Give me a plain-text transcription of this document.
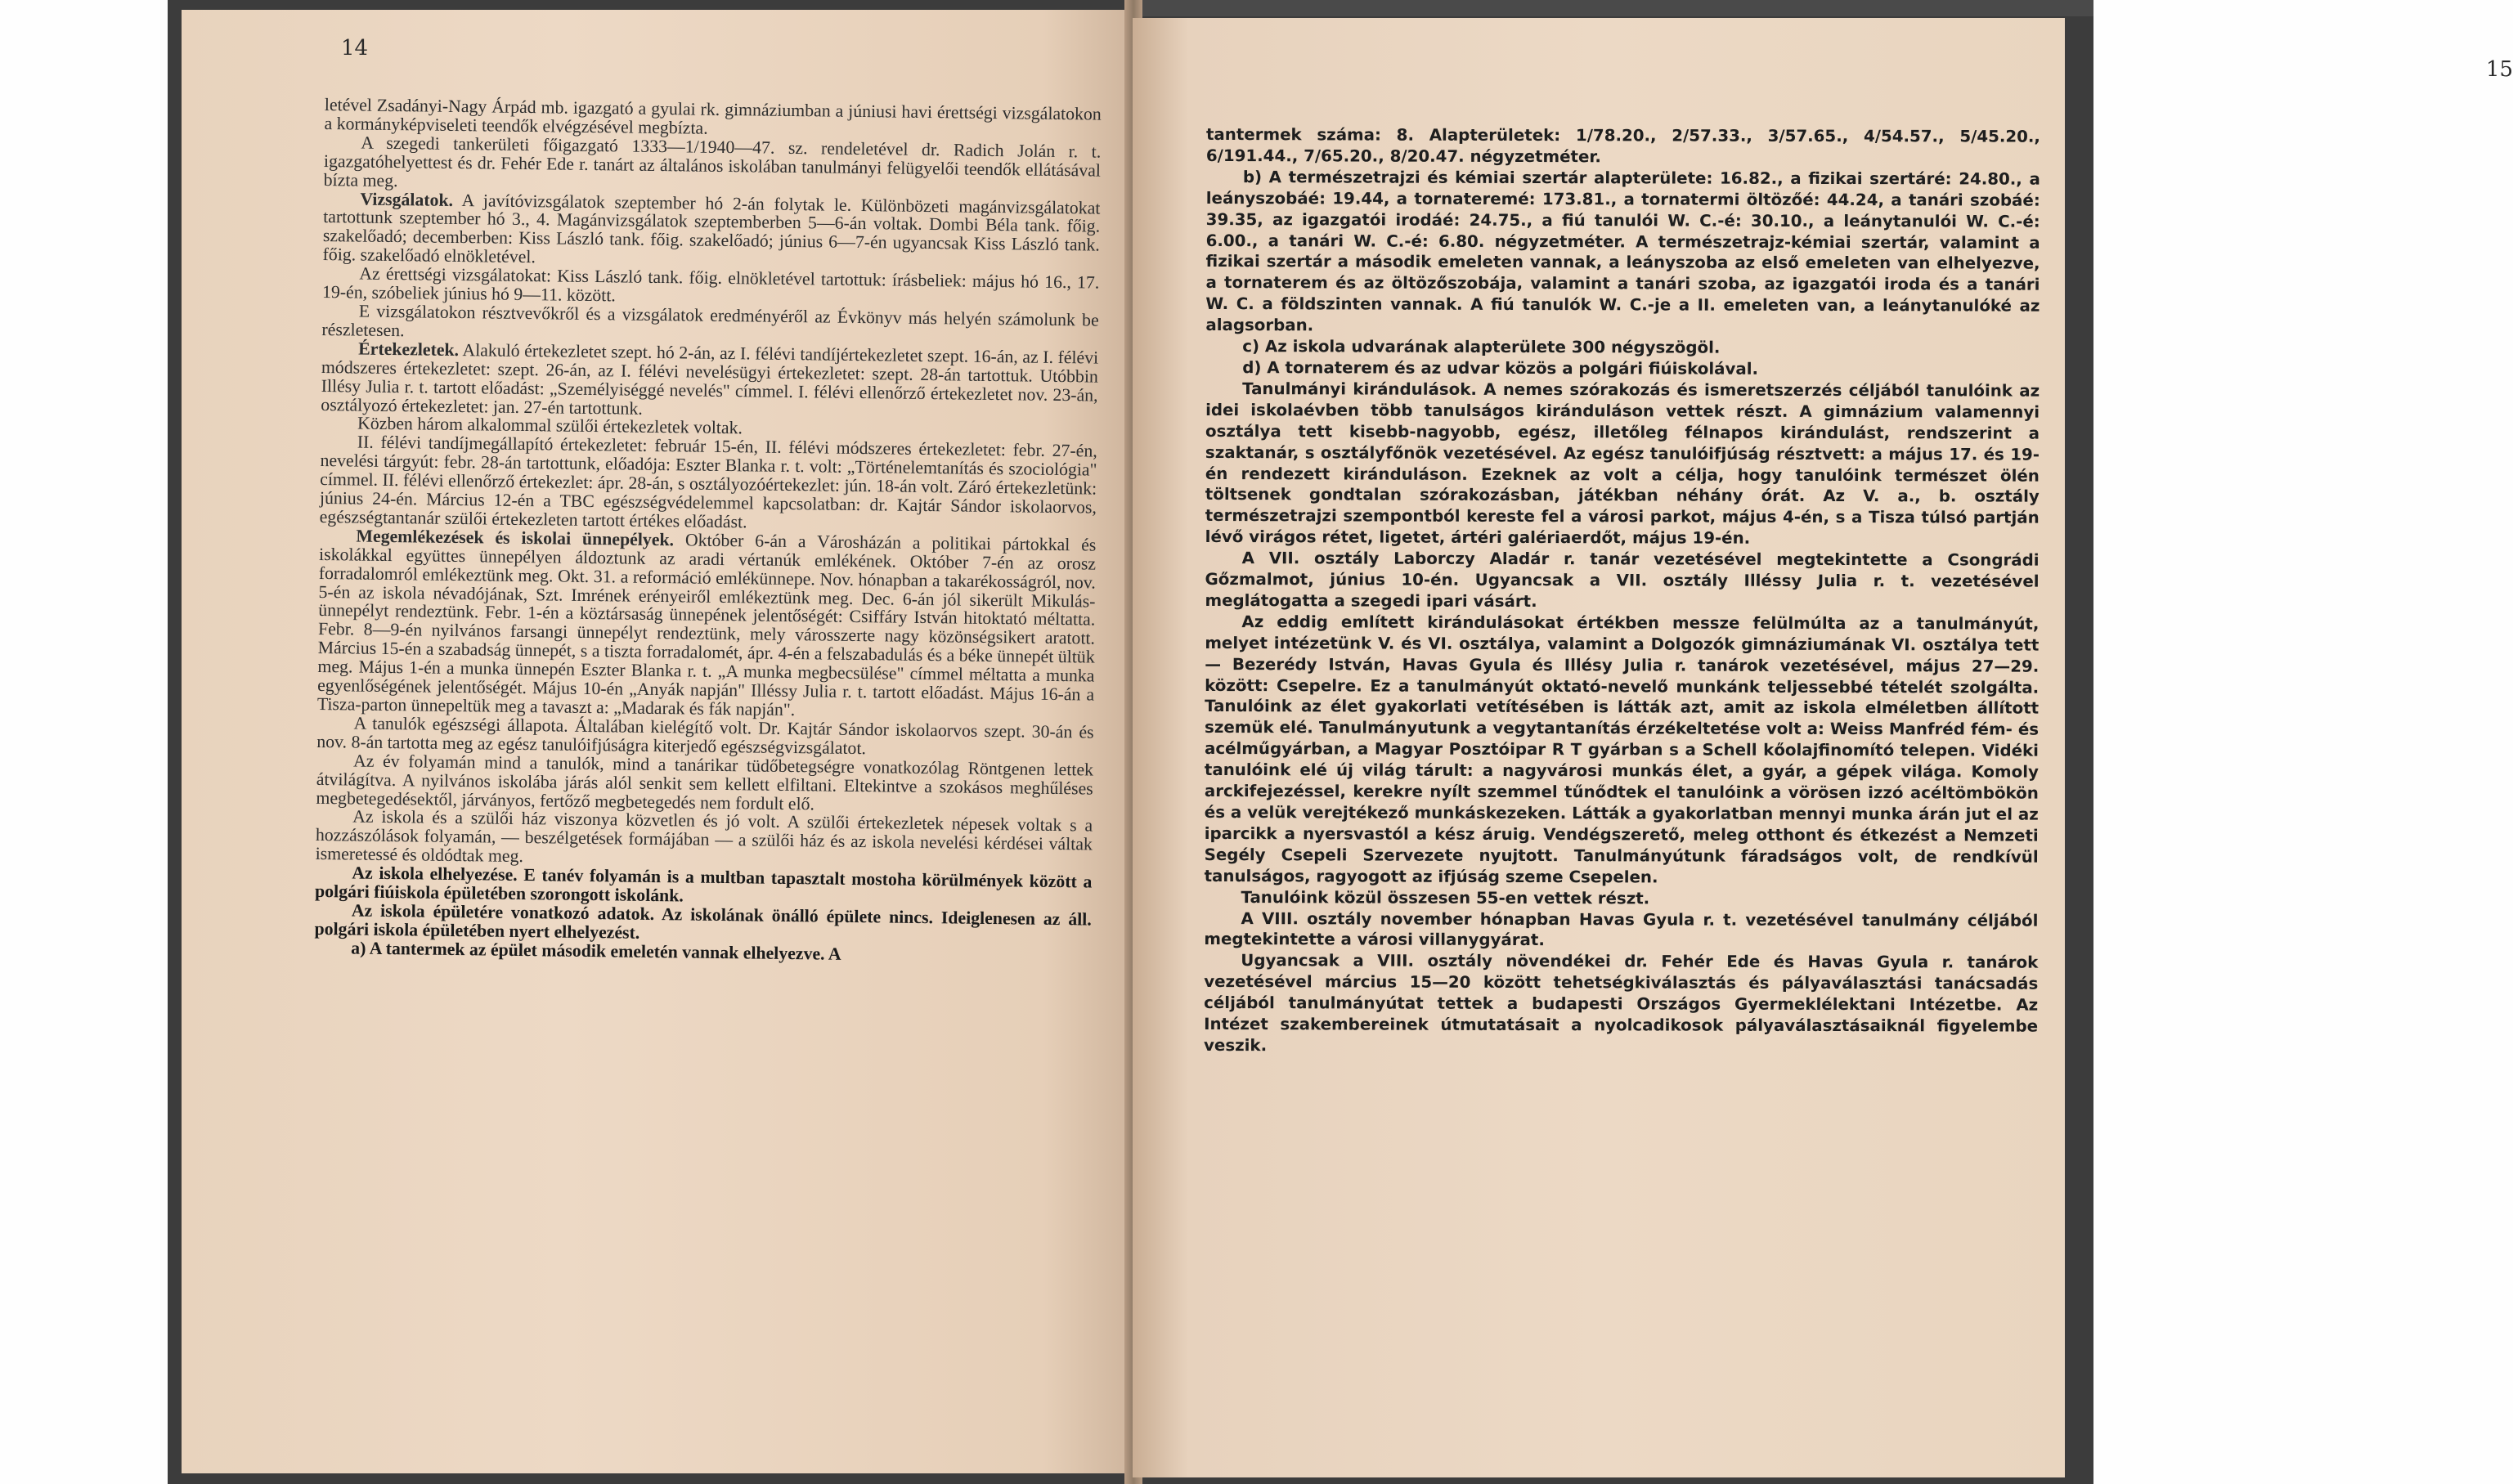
14

letével Zsadányi-Nagy Árpád mb. igazgató a gyulai rk. gimnáziumban a júniusi havi érettségi vizsgálatokon a kormányképviseleti teendők elvégzésével megbízta.

A szegedi tankerületi főigazgató 1333—1/1940—47. sz. rendeletével dr. Radich Jolán r. t. igazgatóhelyettest és dr. Fehér Ede r. tanárt az általános iskolában tanulmányi felügyelői teendők ellátásával bízta meg.

Vizsgálatok. A javítóvizsgálatok szeptember hó 2-án folytak le. Különbözeti magánvizsgálatokat tartottunk szeptember hó 3., 4. Magánvizsgálatok szeptemberben 5—6-án voltak. Dombi Béla tank. főig. szakelőadó; decemberben: Kiss László tank. főig. szakelőadó; június 6—7-én ugyancsak Kiss László tank. főig. szakelőadó elnökletével.

Az érettségi vizsgálatokat: Kiss László tank. főig. elnökletével tartottuk: írásbeliek: május hó 16., 17. 19-én, szóbeliek június hó 9—11. között.

E vizsgálatokon résztvevőkről és a vizsgálatok eredményéről az Évkönyv más helyén számolunk be részletesen.

Értekezletek. Alakuló értekezletet szept. hó 2-án, az I. félévi tandíjértekezletet szept. 16-án, az I. félévi módszeres értekezletet: szept. 26-án, az I. félévi nevelésügyi értekezletet: szept. 28-án tartottuk. Utóbbin Illésy Julia r. t. tartott előadást: „Személyiséggé nevelés" címmel. I. félévi ellenőrző értekezletet nov. 23-án, osztályozó értekezletet: jan. 27-én tartottunk.

Közben három alkalommal szülői értekezletek voltak.

II. félévi tandíjmegállapító értekezletet: február 15-én, II. félévi módszeres értekezletet: febr. 27-én, nevelési tárgyút: febr. 28-án tartottunk, előadója: Eszter Blanka r. t. volt: „Történelemtanítás és szociológia" címmel. II. félévi ellenőrző értekezlet: ápr. 28-án, s osztályozóértekezlet: jún. 18-án volt. Záró értekezletünk: június 24-én. Március 12-én a TBC egészségvédelemmel kapcsolatban: dr. Kajtár Sándor iskolaorvos, egészségtantanár szülői értekezleten tartott értékes előadást.

Megemlékezések és iskolai ünnepélyek. Október 6-án a Városházán a politikai pártokkal és iskolákkal együttes ünnepélyen áldoztunk az aradi vértanúk emlékének. Október 7-én az orosz forradalomról emlékeztünk meg. Okt. 31. a reformáció emlékünnepe. Nov. hónapban a takarékosságról, nov. 5-én az iskola névadójának, Szt. Imrének erényeiről emlékeztünk meg. Dec. 6-án jól sikerült Mikulás-ünnepélyt rendeztünk. Febr. 1-én a köztársaság ünnepének jelentőségét: Csiffáry István hitoktató méltatta. Febr. 8—9-én nyilvános farsangi ünnepélyt rendeztünk, mely városszerte nagy közönségsikert aratott. Március 15-én a szabadság ünnepét, s a tiszta forradalomét, ápr. 4-én a felszabadulás és a béke ünnepét ültük meg. Május 1-én a munka ünnepén Eszter Blanka r. t. „A munka megbecsülése" címmel méltatta a munka egyenlőségének jelentőségét. Május 10-én „Anyák napján" Illéssy Julia r. t. tartott előadást. Május 16-án a Tisza-parton ünnepeltük meg a tavaszt a: „Madarak és fák napján".

A tanulók egészségi állapota. Általában kielégítő volt. Dr. Kajtár Sándor iskolaorvos szept. 30-án és nov. 8-án tartotta meg az egész tanulóifjúságra kiterjedő egészségvizsgálatot.

Az év folyamán mind a tanulók, mind a tanárikar tüdőbetegségre vonatkozólag Röntgenen lettek átvilágítva. A nyilvános iskolába járás alól senkit sem kellett elfiltani. Eltekintve a szokásos meghűléses megbetegedésektől, járványos, fertőző megbetegedés nem fordult elő.

Az iskola és a szülői ház viszonya közvetlen és jó volt. A szülői értekezletek népesek voltak s a hozzászólások folyamán, — beszélgetések formájában — a szülői ház és az iskola nevelési kérdései váltak ismeretessé és oldódtak meg.

Az iskola elhelyezése. E tanév folyamán is a multban tapasztalt mostoha körülmények között a polgári fiúiskola épületében szorongott iskolánk.

Az iskola épületére vonatkozó adatok. Az iskolának önálló épülete nincs. Ideiglenesen az áll. polgári iskola épületében nyert elhelyezést.

a) A tantermek az épület második emeletén vannak elhelyezve. A

15

tantermek száma: 8. Alapterületek: 1/78.20., 2/57.33., 3/57.65., 4/54.57., 5/45.20., 6/191.44., 7/65.20., 8/20.47. négyzetméter.

b) A természetrajzi és kémiai szertár alapterülete: 16.82., a fizikai szertáré: 24.80., a leányszobáé: 19.44, a tornateremé: 173.81., a tornatermi öltözőé: 44.24, a tanári szobáé: 39.35, az igazgatói irodáé: 24.75., a fiú tanulói W. C.-é: 30.10., a leánytanulói W. C.-é: 6.00., a tanári W. C.-é: 6.80. négyzetméter. A természetrajz-kémiai szertár, valamint a fizikai szertár a második emeleten vannak, a leányszoba az első emeleten van elhelyezve, a tornaterem és az öltözőszobája, valamint a tanári szoba, az igazgatói iroda és a tanári W. C. a földszinten vannak. A fiú tanulók W. C.-je a II. emeleten van, a leánytanulóké az alagsorban.

c) Az iskola udvarának alapterülete 300 négyszögöl.

d) A tornaterem és az udvar közös a polgári fiúiskolával.

Tanulmányi kirándulások. A nemes szórakozás és ismeretszerzés céljából tanulóink az idei iskolaévben több tanulságos kiránduláson vettek részt. A gimnázium valamennyi osztálya tett kisebb-nagyobb, egész, illetőleg félnapos kirándulást, rendszerint a szaktanár, s osztályfőnök vezetésével. Az egész tanulóifjúság résztvett: a május 17. és 19-én rendezett kiránduláson. Ezeknek az volt a célja, hogy tanulóink természet ölén töltsenek gondtalan szórakozásban, játékban néhány órát. Az V. a., b. osztály természetrajzi szempontból kereste fel a városi parkot, május 4-én, s a Tisza túlsó partján lévő virágos rétet, ligetet, ártéri galériaerdőt, május 19-én.

A VII. osztály Laborczy Aladár r. tanár vezetésével megtekintette a Csongrádi Gőzmalmot, június 10-én. Ugyancsak a VII. osztály Illéssy Julia r. t. vezetésével meglátogatta a szegedi ipari vásárt.

Az eddig említett kirándulásokat értékben messze felülmúlta az a tanulmányút, melyet intézetünk V. és VI. osztálya, valamint a Dolgozók gimnáziumának VI. osztálya tett — Bezerédy István, Havas Gyula és Illésy Julia r. tanárok vezetésével, május 27—29. között: Csepelre. Ez a tanulmányút oktató-nevelő munkánk teljessebbé tételét szolgálta. Tanulóink az élet gyakorlati vetítésében is látták azt, amit az iskola elméletben állított szemük elé. Tanulmányutunk a vegytantanítás érzékeltetése volt a: Weiss Manfréd fém- és acélműgyárban, a Magyar Posztóipar R T gyárban s a Schell kőolajfinomító telepen. Vidéki tanulóink elé új világ tárult: a nagyvárosi munkás élet, a gyár, a gépek világa. Komoly arckifejezéssel, kerekre nyílt szemmel tűnődtek el tanulóink a vörösen izzó acéltömbökön és a velük verejtékező munkáskezeken. Látták a gyakorlatban mennyi munka árán jut el az iparcikk a nyersvastól a kész áruig. Vendégszerető, meleg otthont és étkezést a Nemzeti Segély Csepeli Szervezete nyujtott. Tanulmányútunk fáradságos volt, de rendkívül tanulságos, ragyogott az ifjúság szeme Csepelen.

Tanulóink közül összesen 55-en vettek részt.

A VIII. osztály november hónapban Havas Gyula r. t. vezetésével tanulmány céljából megtekintette a városi villanygyárat.

Ugyancsak a VIII. osztály növendékei dr. Fehér Ede és Havas Gyula r. tanárok vezetésével március 15—20 között tehetségkiválasztás és pályaválasztási tanácsadás céljából tanulmányútat tettek a budapesti Országos Gyermeklélektani Intézetbe. Az Intézet szakembereinek útmutatásait a nyolcadikosok pályaválasztásaiknál figyelembe veszik.
